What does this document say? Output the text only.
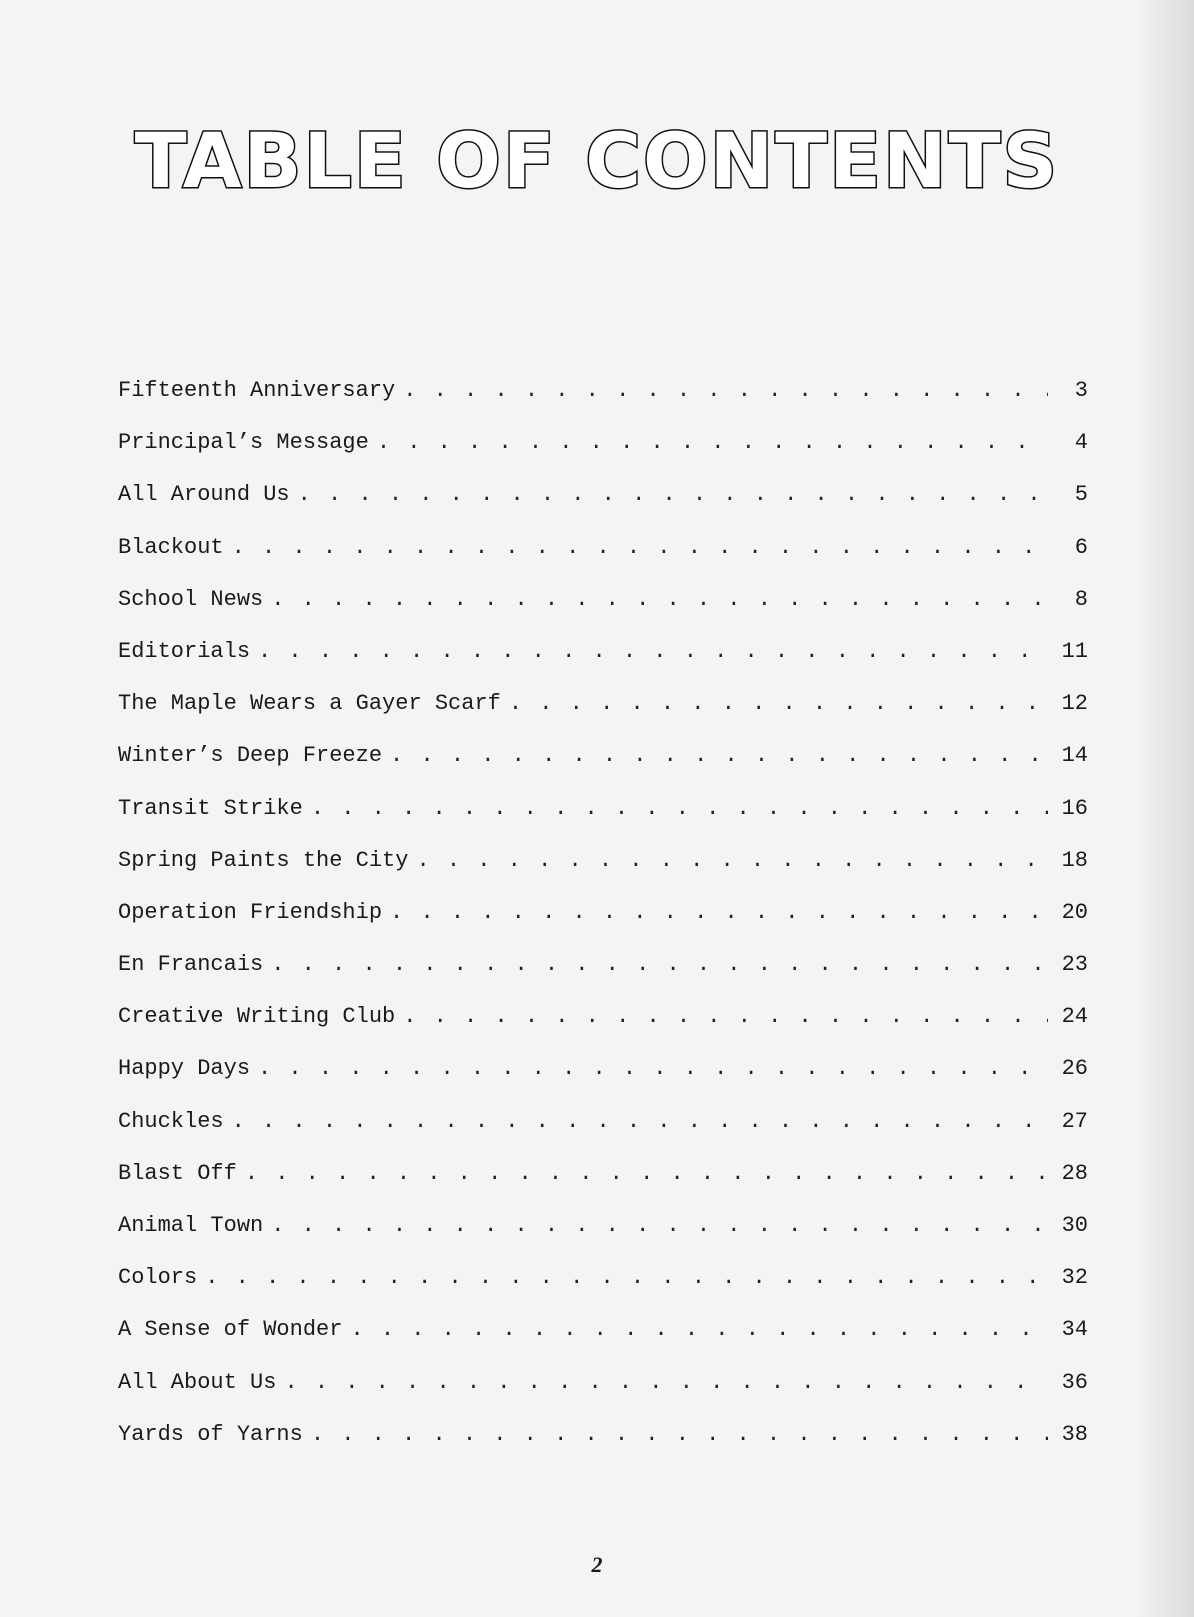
TABLE OF CONTENTS
Fifteenth Anniversary . . .	3
Principal’s Message . . .	4
All Around Us . . .	5
Blackout . . .	6
School News . . .	8
Editorials . . .	11
The Maple Wears a Gayer Scarf . . .	12
Winter’s Deep Freeze . . .	14
Transit Strike . . .	16
Spring Paints the City . . .	18
Operation Friendship . . .	20
En Francais . . .	23
Creative Writing Club . . .	24
Happy Days . . .	26
Chuckles . . .	27
Blast Off . . .	28
Animal Town . . .	30
Colors . . .	32
A Sense of Wonder . . .	34
All About Us . . .	36
Yards of Yarns . . .	38
2
